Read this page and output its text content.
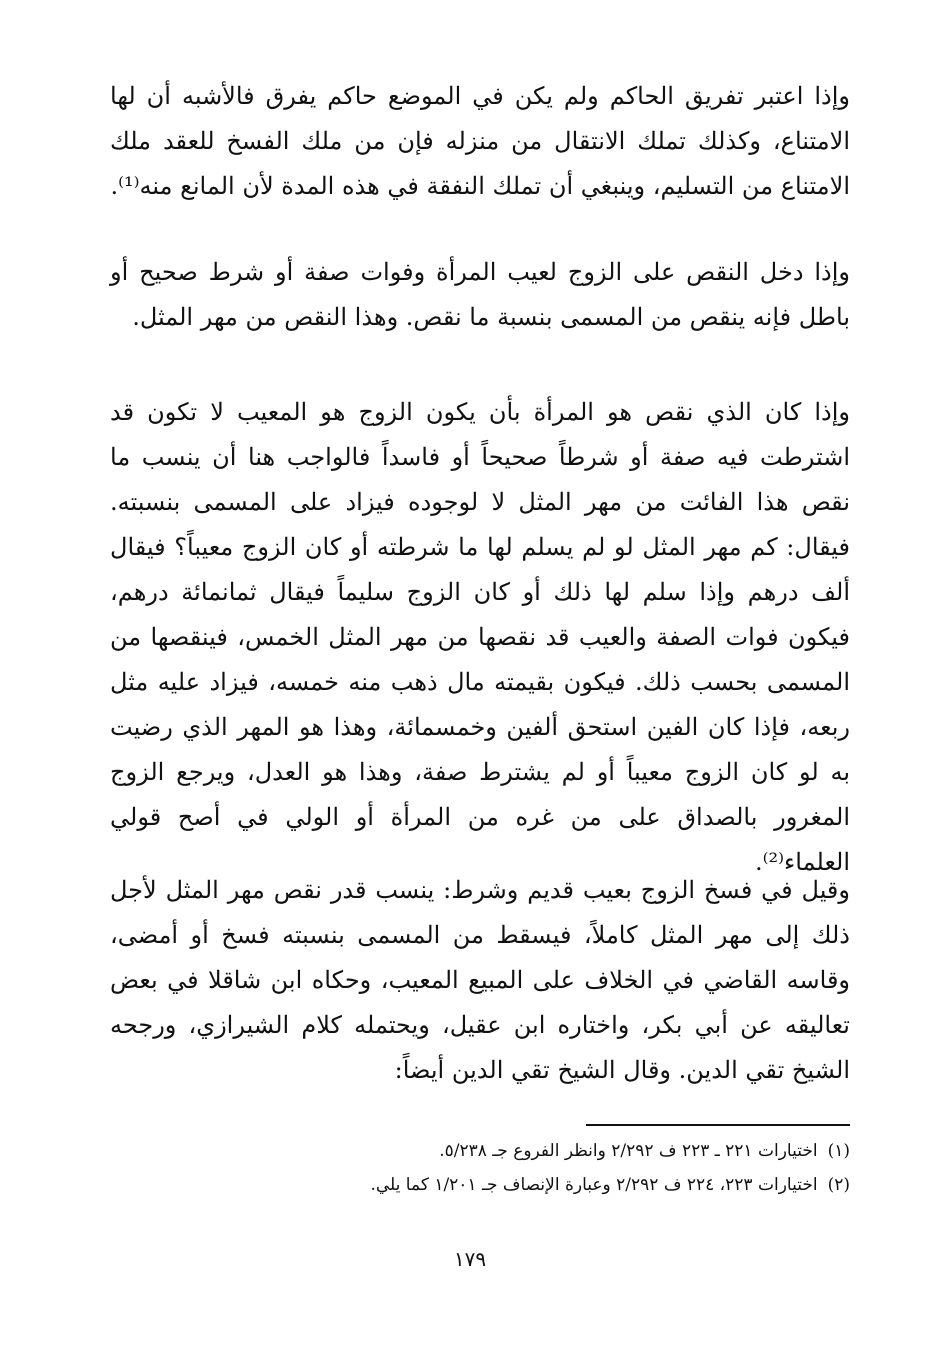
وإذا اعتبر تفريق الحاكم ولم يكن في الموضع حاكم يفرق فالأشبه أن لها الامتناع، وكذلك تملك الانتقال من منزله فإن من ملك الفسخ للعقد ملك الامتناع من التسليم، وينبغي أن تملك النفقة في هذه المدة لأن المانع منه⁽¹⁾.

وإذا دخل النقص على الزوج لعيب المرأة وفوات صفة أو شرط صحيح أو باطل فإنه ينقص من المسمى بنسبة ما نقص. وهذا النقص من مهر المثل.

وإذا كان الذي نقص هو المرأة بأن يكون الزوج هو المعيب لا تكون قد اشترطت فيه صفة أو شرطاً صحيحاً أو فاسداً فالواجب هنا أن ينسب ما نقص هذا الفائت من مهر المثل لا لوجوده فيزاد على المسمى بنسبته. فيقال: كم مهر المثل لو لم يسلم لها ما شرطته أو كان الزوج معيباً؟ فيقال ألف درهم وإذا سلم لها ذلك أو كان الزوج سليماً فيقال ثمانمائة درهم، فيكون فوات الصفة والعيب قد نقصها من مهر المثل الخمس، فينقصها من المسمى بحسب ذلك. فيكون بقيمته مال ذهب منه خمسه، فيزاد عليه مثل ربعه، فإذا كان الفين استحق ألفين وخمسمائة، وهذا هو المهر الذي رضيت به لو كان الزوج معيباً أو لم يشترط صفة، وهذا هو العدل، ويرجع الزوج المغرور بالصداق على من غره من المرأة أو الولي في أصح قولي العلماء⁽²⁾.

وقيل في فسخ الزوج بعيب قديم وشرط: ينسب قدر نقص مهر المثل لأجل ذلك إلى مهر المثل كاملاً، فيسقط من المسمى بنسبته فسخ أو أمضى، وقاسه القاضي في الخلاف على المبيع المعيب، وحكاه ابن شاقلا في بعض تعاليقه عن أبي بكر، واختاره ابن عقيل، ويحتمله كلام الشيرازي، ورجحه الشيخ تقي الدين. وقال الشيخ تقي الدين أيضاً:

(١)اختيارات ٢٢١ ـ ٢٢٣ ف ٢/٢٩٢ وانظر الفروع جـ ٥/٢٣٨.

(٢)اختيارات ٢٢٣، ٢٢٤ ف ٢/٢٩٢ وعبارة الإنصاف جـ ١/٢٠١ كما يلي.

١٧٩
